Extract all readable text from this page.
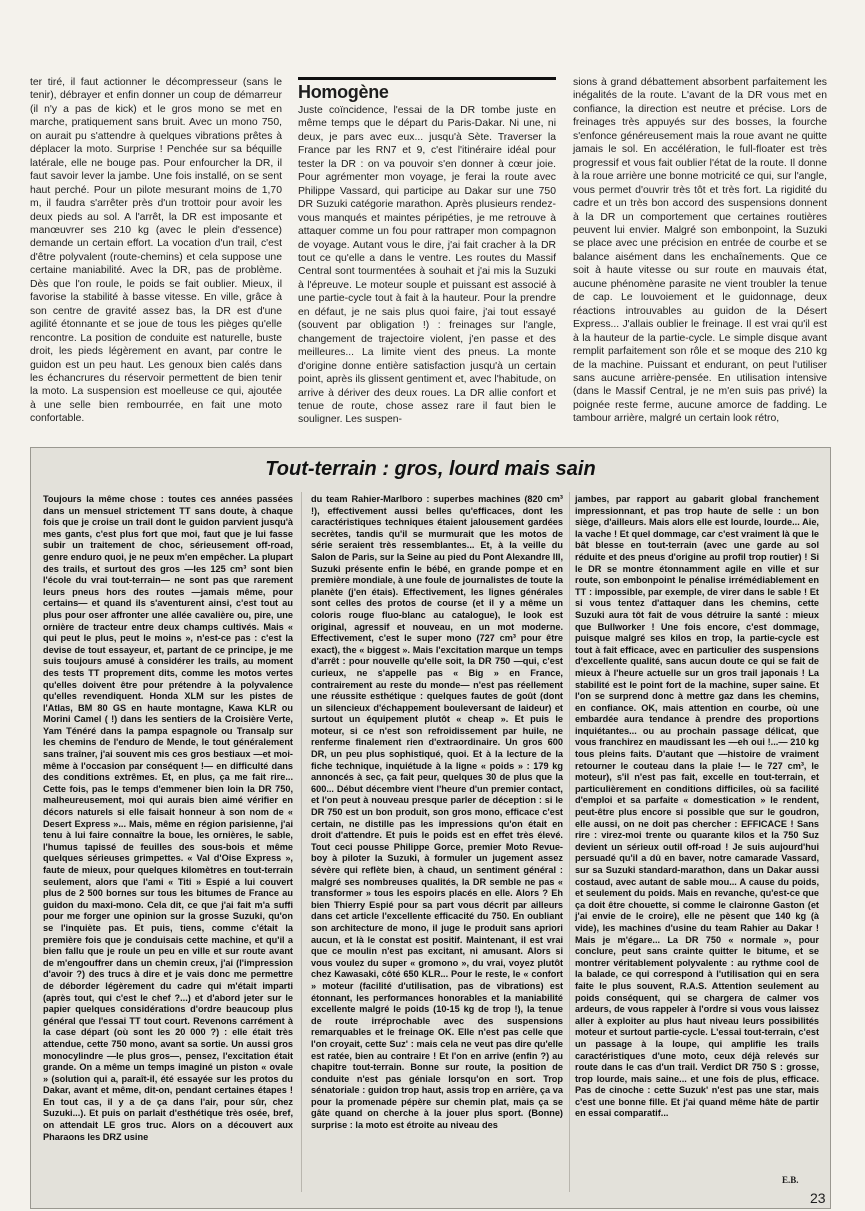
ter tiré, il faut actionner le décompresseur (sans le tenir), débrayer et enfin donner un coup de démarreur (il n'y a pas de kick) et le gros mono se met en marche, pratiquement sans bruit. Avec un mono 750, on aurait pu s'attendre à quelques vibrations prêtes à déplacer la moto. Surprise ! Penchée sur sa béquille latérale, elle ne bouge pas. Pour enfourcher la DR, il faut savoir lever la jambe. Une fois installé, on se sent haut perché. Pour un pilote mesurant moins de 1,70 m, il faudra s'arrêter près d'un trottoir pour avoir les deux pieds au sol. A l'arrêt, la DR est imposante et manœuvrer ses 210 kg (avec le plein d'essence) demande un certain effort. La vocation d'un trail, c'est d'être polyvalent (route-chemins) et cela suppose une certaine maniabilité. Avec la DR, pas de problème. Dès que l'on roule, le poids se fait oublier. Mieux, il favorise la stabilité à basse vitesse. En ville, grâce à son centre de gravité assez bas, la DR est d'une agilité étonnante et se joue de tous les pièges qu'elle rencontre. La position de conduite est naturelle, buste droit, les pieds légèrement en avant, par contre le guidon est un peu haut. Les genoux bien calés dans les échancrures du réservoir permettent de bien tenir la moto. La suspension est moelleuse ce qui, ajoutée à une selle bien rembourrée, en fait une moto confortable.

Homogène

Juste coïncidence, l'essai de la DR tombe juste en même temps que le départ du Paris-Dakar. Ni une, ni deux, je pars avec eux... jusqu'à Sète. Traverser la France par les RN7 et 9, c'est l'itinéraire idéal pour tester la DR : on va pouvoir s'en donner à cœur joie. Pour agrémenter mon voyage, je ferai la route avec Philippe Vassard, qui participe au Dakar sur une 750 DR Suzuki catégorie marathon. Après plusieurs rendez-vous manqués et maintes péripéties, je me retrouve à attaquer comme un fou pour rattraper mon compagnon de voyage. Autant vous le dire, j'ai fait cracher à la DR tout ce qu'elle a dans le ventre. Les routes du Massif Central sont tourmentées à souhait et j'ai mis la Suzuki à l'épreuve. Le moteur souple et puissant est associé à une partie-cycle tout à fait à la hauteur. Pour la prendre en défaut, je ne sais plus quoi faire, j'ai tout essayé (souvent par obligation !) : freinages sur l'angle, changement de trajectoire violent, j'en passe et des meilleures... La limite vient des pneus. La monte d'origine donne entière satisfaction jusqu'à un certain point, après ils glissent gentiment et, avec l'habitude, on arrive à dériver des deux roues. La DR allie confort et tenue de route, chose assez rare il faut bien le souligner. Les suspen-

sions à grand débattement absorbent parfaitement les inégalités de la route. L'avant de la DR vous met en confiance, la direction est neutre et précise. Lors de freinages très appuyés sur des bosses, la fourche s'enfonce généreusement mais la roue avant ne quitte jamais le sol. En accélération, le full-floater est très progressif et vous fait oublier l'état de la route. Il donne à la roue arrière une bonne motricité ce qui, sur l'angle, vous permet d'ouvrir très tôt et très fort. La rigidité du cadre et un très bon accord des suspensions donnent à la DR un comportement que certaines routières peuvent lui envier. Malgré son embonpoint, la Suzuki se place avec une précision en entrée de courbe et se balance aisément dans les enchaînements. Que ce soit à haute vitesse ou sur route en mauvais état, aucune phénomène parasite ne vient troubler la tenue de cap. Le louvoiement et le guidonnage, deux réactions introuvables au guidon de la Désert Express... J'allais oublier le freinage. Il est vrai qu'il est à la hauteur de la partie-cycle. Le simple disque avant remplit parfaitement son rôle et se moque des 210 kg de la machine. Puissant et endurant, on peut l'utiliser sans aucune arrière-pensée. En utilisation intensive (dans le Massif Central, je ne m'en suis pas privé) la poignée reste ferme, aucune amorce de fadding. Le tambour arrière, malgré un certain look rétro,

Tout-terrain : gros, lourd mais sain

Toujours la même chose : toutes ces années passées dans un mensuel strictement TT sans doute, à chaque fois que je croise un trail dont le guidon parvient jusqu'à mes gants, c'est plus fort que moi, faut que je lui fasse subir un traitement de choc, sérieusement off-road, genre enduro quoi, je ne peux m'en empêcher. La plupart des trails, et surtout des gros —les 125 cm³ sont bien l'école du vrai tout-terrain— ne sont pas que rarement leurs pneus hors des routes —jamais même, pour certains— et quand ils s'aventurent ainsi, c'est tout au plus pour oser affronter une allée cavalière ou, pire, une ornière de tracteur entre deux champs cultivés. Mais « qui peut le plus, peut le moins », n'est-ce pas : c'est la devise de tout essayeur, et, partant de ce principe, je me suis toujours amusé à considérer les trails, au moment des tests TT proprement dits, comme les motos vertes qu'elles doivent être pour prétendre à la polyvalence qu'elles revendiquent. Honda XLM sur les pistes de l'Atlas, BM 80 GS en haute montagne, Kawa KLR ou Morini Camel ( !) dans les sentiers de la Croisière Verte, Yam Ténéré dans la pampa espagnole ou Transalp sur les chemins de l'enduro de Mende, le tout généralement sans traîner, j'ai souvent mis ces gros bestiaux —et moi-même à l'occasion par conséquent !— en difficulté dans des conditions extrêmes. Et, en plus, ça me fait rire... Cette fois, pas le temps d'emmener bien loin la DR 750, malheureusement, moi qui aurais bien aimé vérifier en décors naturels si elle faisait honneur à son nom de « Desert Express »... Mais, même en région parisienne, j'ai tenu à lui faire connaître la boue, les ornières, le sable, l'humus tapissé de feuilles des sous-bois et même quelques sérieuses grimpettes. « Val d'Oise Express », faute de mieux, pour quelques kilomètres en tout-terrain seulement, alors que l'ami « Titi » Espié a lui couvert plus de 2 500 bornes sur tous les bitumes de France au guidon du maxi-mono. Cela dit, ce que j'ai fait m'a suffi pour me forger une opinion sur la grosse Suzuki, qu'on se l'inquiète pas. Et puis, tiens, comme c'était la première fois que je conduisais cette machine, et qu'il a bien fallu que je roule un peu en ville et sur route avant de m'engouffrer dans un chemin creux, j'ai (l'impression d'avoir ?) des trucs à dire et je vais donc me permettre de déborder légèrement du cadre qui m'était imparti (après tout, qui c'est le chef ?...) et d'abord jeter sur le papier quelques considérations d'ordre beaucoup plus général que l'essai TT tout court. Revenons carrément à la case départ (où sont les 20 000 ?) : elle était très attendue, cette 750 mono, avant sa sortie. Un aussi gros monocylindre —le plus gros—, pensez, l'excitation était grande. On a même un temps imaginé un piston « ovale » (solution qui a, paraît-il, été essayée sur les protos du Dakar, avant et même, dit-on, pendant certaines étapes ! En tout cas, il y a de ça dans l'air, pour sûr, chez Suzuki...). Et puis on parlait d'esthétique très osée, bref, on attendait LE gros truc. Alors on a découvert aux Pharaons les DRZ usine

du team Rahier-Marlboro : superbes machines (820 cm³ !), effectivement aussi belles qu'efficaces, dont les caractéristiques techniques étaient jalousement gardées secrètes, tandis qu'il se murmurait que les motos de série seraient très ressemblantes... Et, à la veille du Salon de Paris, sur la Seine au pied du Pont Alexandre III, Suzuki présente enfin le bébé, en grande pompe et en première mondiale, à une foule de journalistes de toute la planète (j'en étais). Effectivement, les lignes générales sont celles des protos de course (et il y a même un coloris rouge fluo-blanc au catalogue), le look est original, agressif et nouveau, en un mot moderne. Effectivement, c'est le super mono (727 cm³ pour être exact), the « biggest ». Mais l'excitation marque un temps d'arrêt : pour nouvelle qu'elle soit, la DR 750 —qui, c'est curieux, ne s'appelle pas « Big » en France, contrairement au reste du monde— n'est pas réellement une réussite esthétique : quelques fautes de goût (dont un silencieux d'échappement bouleversant de laideur) et surtout un équipement plutôt « cheap ». Et puis le moteur, si ce n'est son refroidissement par huile, ne renferme finalement rien d'extraordinaire. Un gros 600 DR, un peu plus sophistiqué, quoi. Et à la lecture de la fiche technique, inquiétude à la ligne « poids » : 179 kg annoncés à sec, ça fait peur, quelques 30 de plus que la 600... Début décembre vient l'heure d'un premier contact, et l'on peut à nouveau presque parler de déception : si le DR 750 est un bon produit, son gros mono, efficace c'est certain, ne distille pas les impressions qu'on était en droit d'attendre. Et puis le poids est en effet très élevé. Tout ceci pousse Philippe Gorce, premier Moto Revue-boy à piloter la Suzuki, à formuler un jugement assez sévère qui reflète bien, à chaud, un sentiment général : malgré ses nombreuses qualités, la DR semble ne pas « transformer » tous les espoirs placés en elle. Alors ? Eh bien Thierry Espié pour sa part vous décrit par ailleurs dans cet article l'excellente efficacité du 750. En oubliant son architecture de mono, il juge le produit sans apriori aucun, et là le constat est positif. Maintenant, il est vrai que ce moulin n'est pas excitant, ni amusant. Alors si vous voulez du super « gromono », du vrai, voyez plutôt chez Kawasaki, côté 650 KLR... Pour le reste, le « confort » moteur (facilité d'utilisation, pas de vibrations) est étonnant, les performances honorables et la maniabilité excellente malgré le poids (10-15 kg de trop !), la tenue de route irréprochable avec des suspensions remarquables et le freinage OK. Elle n'est pas celle que l'on croyait, cette Suz' : mais cela ne veut pas dire qu'elle est ratée, bien au contraire ! Et l'on en arrive (enfin ?) au chapitre tout-terrain. Bonne sur route, la position de conduite n'est pas géniale lorsqu'on en sort. Trop sénatoriale : guidon trop haut, assis trop en arrière, ça va pour la promenade pépère sur chemin plat, mais ça se gâte quand on cherche à la jouer plus sport. (Bonne) surprise : la moto est étroite au niveau des

jambes, par rapport au gabarit global franchement impressionnant, et pas trop haute de selle : un bon siège, d'ailleurs. Mais alors elle est lourde, lourde... Aie, la vache ! Et quel dommage, car c'est vraiment là que le bât blesse en tout-terrain (avec une garde au sol réduite et des pneus d'origine au profil trop routier) ! Si le DR se montre étonnamment agile en ville et sur route, son embonpoint le pénalise irrémédiablement en TT : impossible, par exemple, de virer dans le sable ! Et si vous tentez d'attaquer dans les chemins, cette Suzuki aura tôt fait de vous détruire la santé : mieux que Bullworker ! Une fois encore, c'est dommage, puisque malgré ses kilos en trop, la partie-cycle est tout à fait efficace, avec en particulier des suspensions d'excellente qualité, sans aucun doute ce qui se fait de mieux à l'heure actuelle sur un gros trail japonais ! La stabilité est le point fort de la machine, super saine. Et l'on se surprend donc à mettre gaz dans les chemins, en confiance. OK, mais attention en courbe, où une embardée aura tendance à prendre des proportions inquiétantes... ou au prochain passage délicat, que vous franchirez en maudissant les —eh oui !...— 210 kg tous pleins faits. D'autant que —histoire de vraiment retourner le couteau dans la plaie !— le 727 cm³, le moteur), s'il n'est pas fait, excelle en tout-terrain, et particulièrement en conditions difficiles, où sa facilité d'emploi et sa parfaite « domestication » le rendent, peut-être plus encore si possible que sur le goudron, elle aussi, on ne doit pas chercher : EFFICACE ! Sans rire : virez-moi trente ou quarante kilos et la 750 Suz devient un sérieux outil off-road ! Je suis aujourd'hui persuadé qu'il a dû en baver, notre camarade Vassard, sur sa Suzuki standard-marathon, dans un Dakar aussi costaud, avec autant de sable mou... A cause du poids, et seulement du poids. Mais en revanche, qu'est-ce que ça doit être chouette, si comme le claironne Gaston (et j'ai envie de le croire), elle ne pèsent que 140 kg (à vide), les machines d'usine du team Rahier au Dakar ! Mais je m'égare... La DR 750 « normale », pour conclure, peut sans crainte quitter le bitume, et se montrer véritablement polyvalente : au rythme cool de la balade, ce qui correspond à l'utilisation qui en sera faite le plus souvent, R.A.S. Attention seulement au poids conséquent, qui se chargera de calmer vos ardeurs, de vous rappeler à l'ordre si vous vous laissez aller à exploiter au plus haut niveau leurs possibilités moteur et surtout partie-cycle. L'essai tout-terrain, c'est un passage à la loupe, qui amplifie les trails caractéristiques d'une moto, ceux déjà relevés sur route dans le cas d'un trail. Verdict DR 750 S : grosse, trop lourde, mais saine... et une fois de plus, efficace. Pas de cinoche : cette Suzuk' n'est pas une star, mais c'est une bonne fille. Et j'ai quand même hâte de partir en essai comparatif...

E.B.
23
